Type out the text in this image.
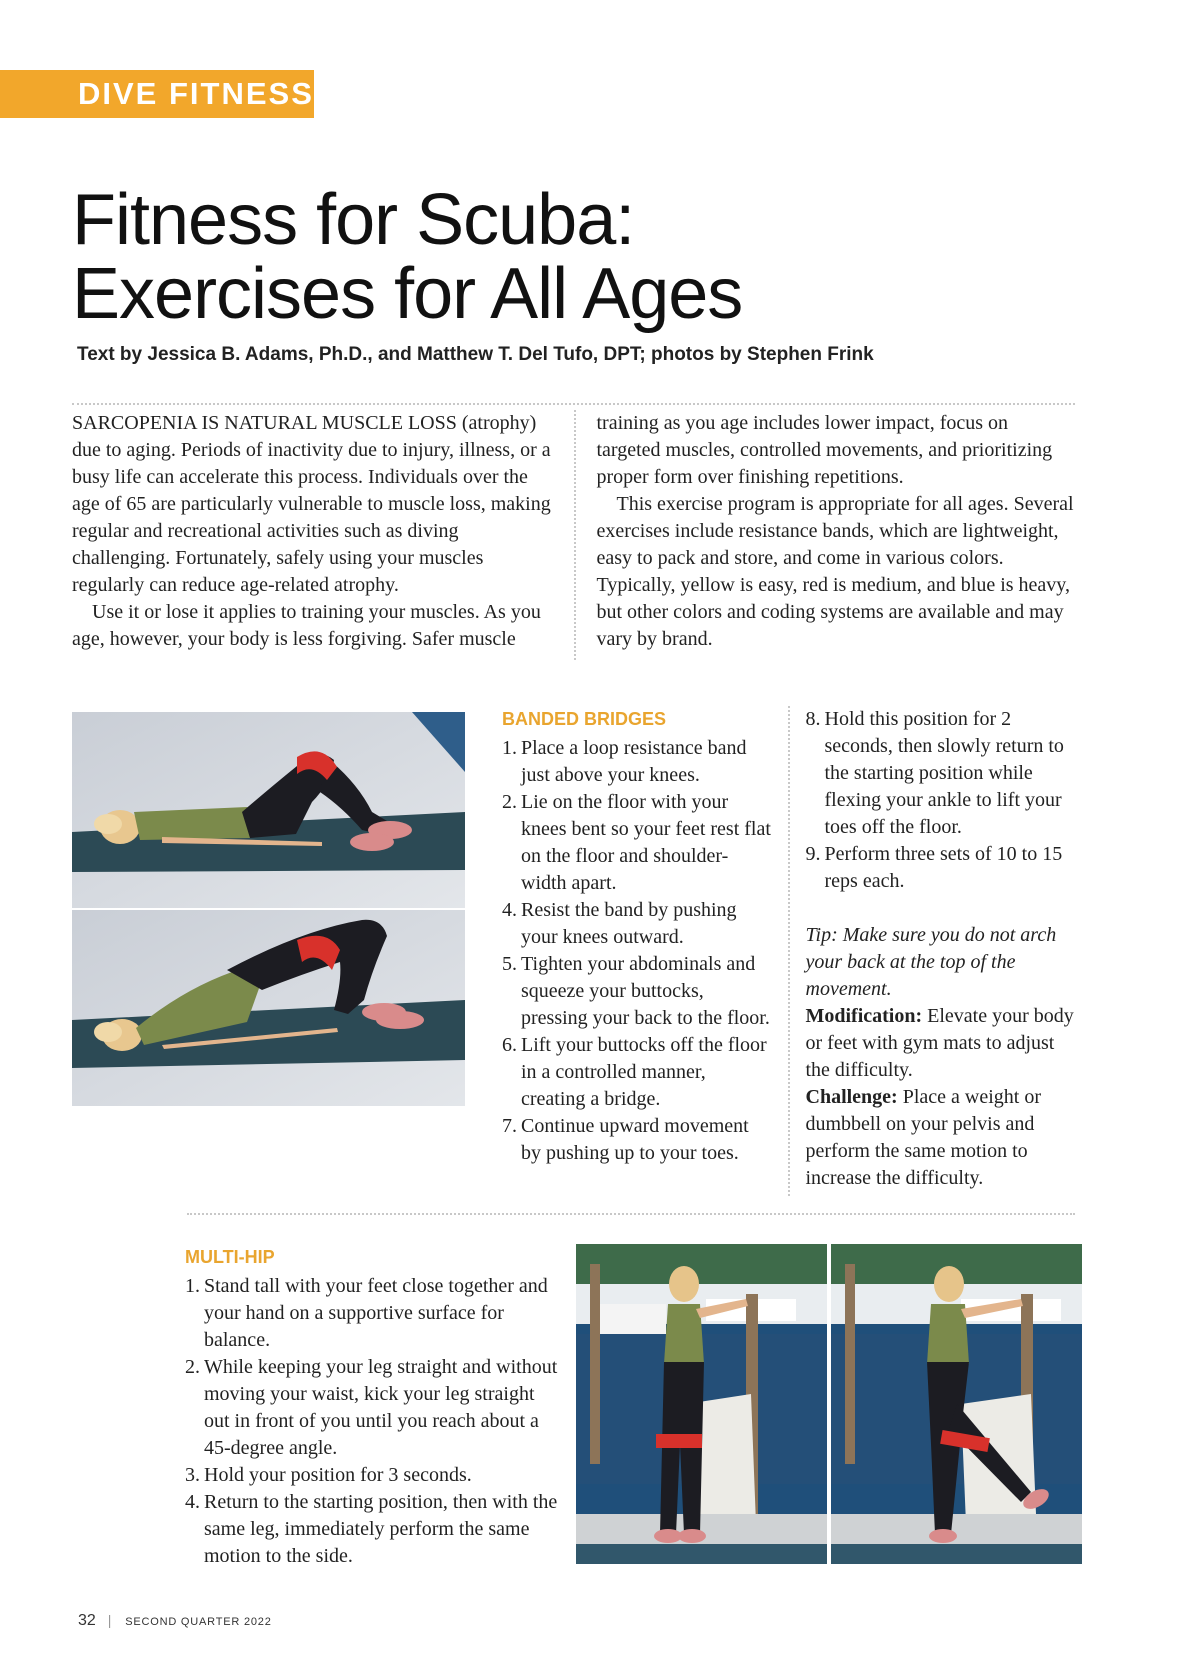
DIVE FITNESS
Fitness for Scuba:
Exercises for All Ages
Text by Jessica B. Adams, Ph.D., and Matthew T. Del Tufo, DPT; photos by Stephen Frink

SARCOPENIA IS NATURAL MUSCLE LOSS (atrophy) due to aging. Periods of inactivity due to injury, illness, or a busy life can accelerate this process. Individuals over the age of 65 are particularly vulnerable to muscle loss, making regular and recreational activities such as diving challenging. Fortunately, safely using your muscles regularly can reduce age-related atrophy.

Use it or lose it applies to training your muscles. As you age, however, your body is less forgiving. Safer muscle training as you age includes lower impact, focus on targeted muscles, controlled movements, and prioritizing proper form over finishing repetitions.

This exercise program is appropriate for all ages. Several exercises include resistance bands, which are lightweight, easy to pack and store, and come in various colors. Typically, yellow is easy, red is medium, and blue is heavy, but other colors and coding systems are available and may vary by brand.

BANDED BRIDGES
1. Place a loop resistance band just above your knees.
2. Lie on the floor with your knees bent so your feet rest flat on the floor and shoulder-width apart.
4. Resist the band by pushing your knees outward.
5. Tighten your abdominals and squeeze your buttocks, pressing your back to the floor.
6. Lift your buttocks off the floor in a controlled manner, creating a bridge.
7. Continue upward movement by pushing up to your toes.
8. Hold this position for 2 seconds, then slowly return to the starting position while flexing your ankle to lift your toes off the floor.
9. Perform three sets of 10 to 15 reps each.

Tip: Make sure you do not arch your back at the top of the movement.

Modification: Elevate your body or feet with gym mats to adjust the difficulty.

Challenge: Place a weight or dumbbell on your pelvis and perform the same motion to increase the difficulty.

MULTI-HIP
1. Stand tall with your feet close together and your hand on a supportive surface for balance.
2. While keeping your leg straight and without moving your waist, kick your leg straight out in front of you until you reach about a 45-degree angle.
3. Hold your position for 3 seconds.
4. Return to the starting position, then with the same leg, immediately perform the same motion to the side.
32 | SECOND QUARTER 2022
